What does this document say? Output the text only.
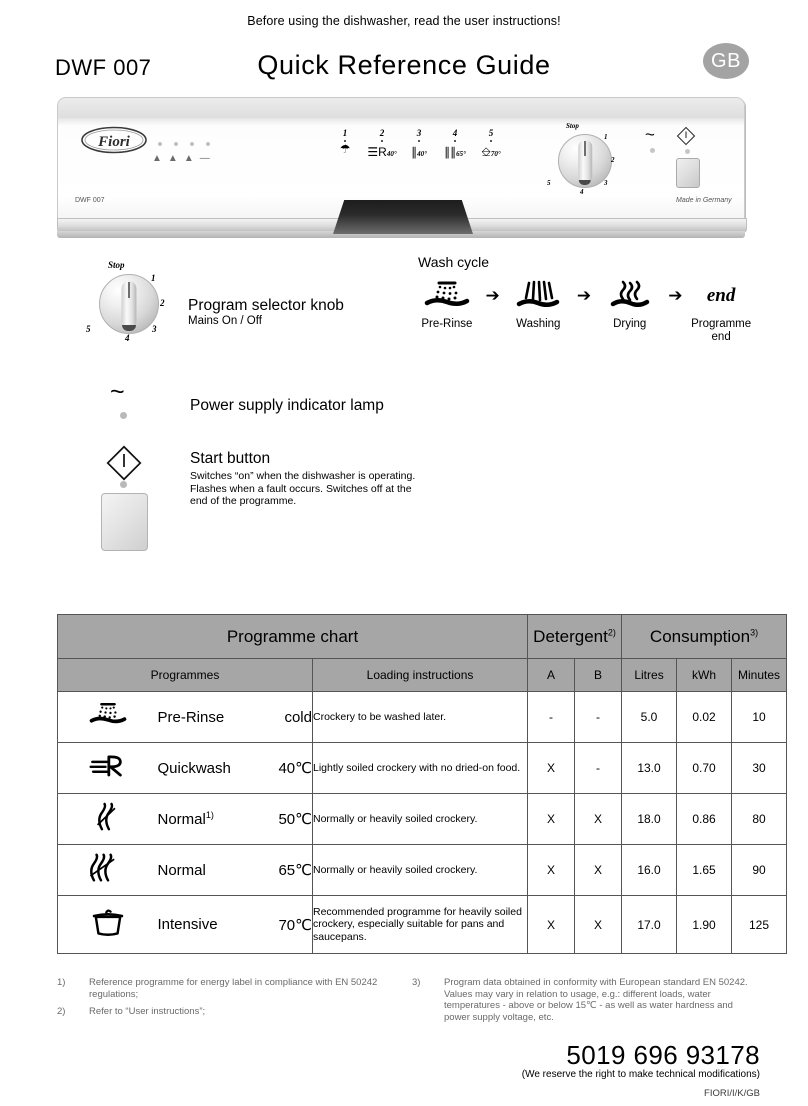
Before using the dishwasher, read the user instructions!
DWF 007	Quick Reference Guide	GB
Fiori
▲ ▲ ▲ —
1
☂
2
☰R40°
3
∥40°
4
∥∥65°
5
⎒70°
Stop
1
2
3
4
5
~
DWF 007	Made in Germany
Stop
1
2
3
4
5
Program selector knob
Mains On / Off
~	Power supply indicator lamp
Start button
Switches “on” when the dishwasher is operating. Flashes when a fault occurs. Switches off at the end of the programme.
Wash cycle
Pre-Rinse
➔
Washing
➔
Drying
➔	end
Programme end
Programme chart				Detergent$^{2)}$		Consumption$^{3)}$
Programmes			Loading instructions	A	B	Litres	kWh	Minutes
	Pre-Rinse	cold	Crockery to be washed later.	-	-	5.0	0.02	10
	Quickwash	40℃	Lightly soiled crockery with no dried-on food.	X	-	13.0	0.70	30
	Normal$^{1)}$	50℃	Normally or heavily soiled crockery.	X	X	18.0	0.86	80
	Normal	65℃	Normally or heavily soiled crockery.	X	X	16.0	1.65	90
	Intensive	70℃	Recommended programme for heavily soiled crockery, especially suitable for pans and saucepans.	X	X	17.0	1.90	125
1)	Reference programme for energy label in compliance with EN 50242 regulations;
2)	Refer to “User instructions”;
3)	Program data obtained in conformity with European standard EN 50242. Values may vary in relation to usage, e.g.: different loads, water temperatures - above or below 15℃ - as well as water hardness and power supply voltage, etc.
5019 696 93178
(We reserve the right to make technical modifications)
FIORI/I/K/GB
